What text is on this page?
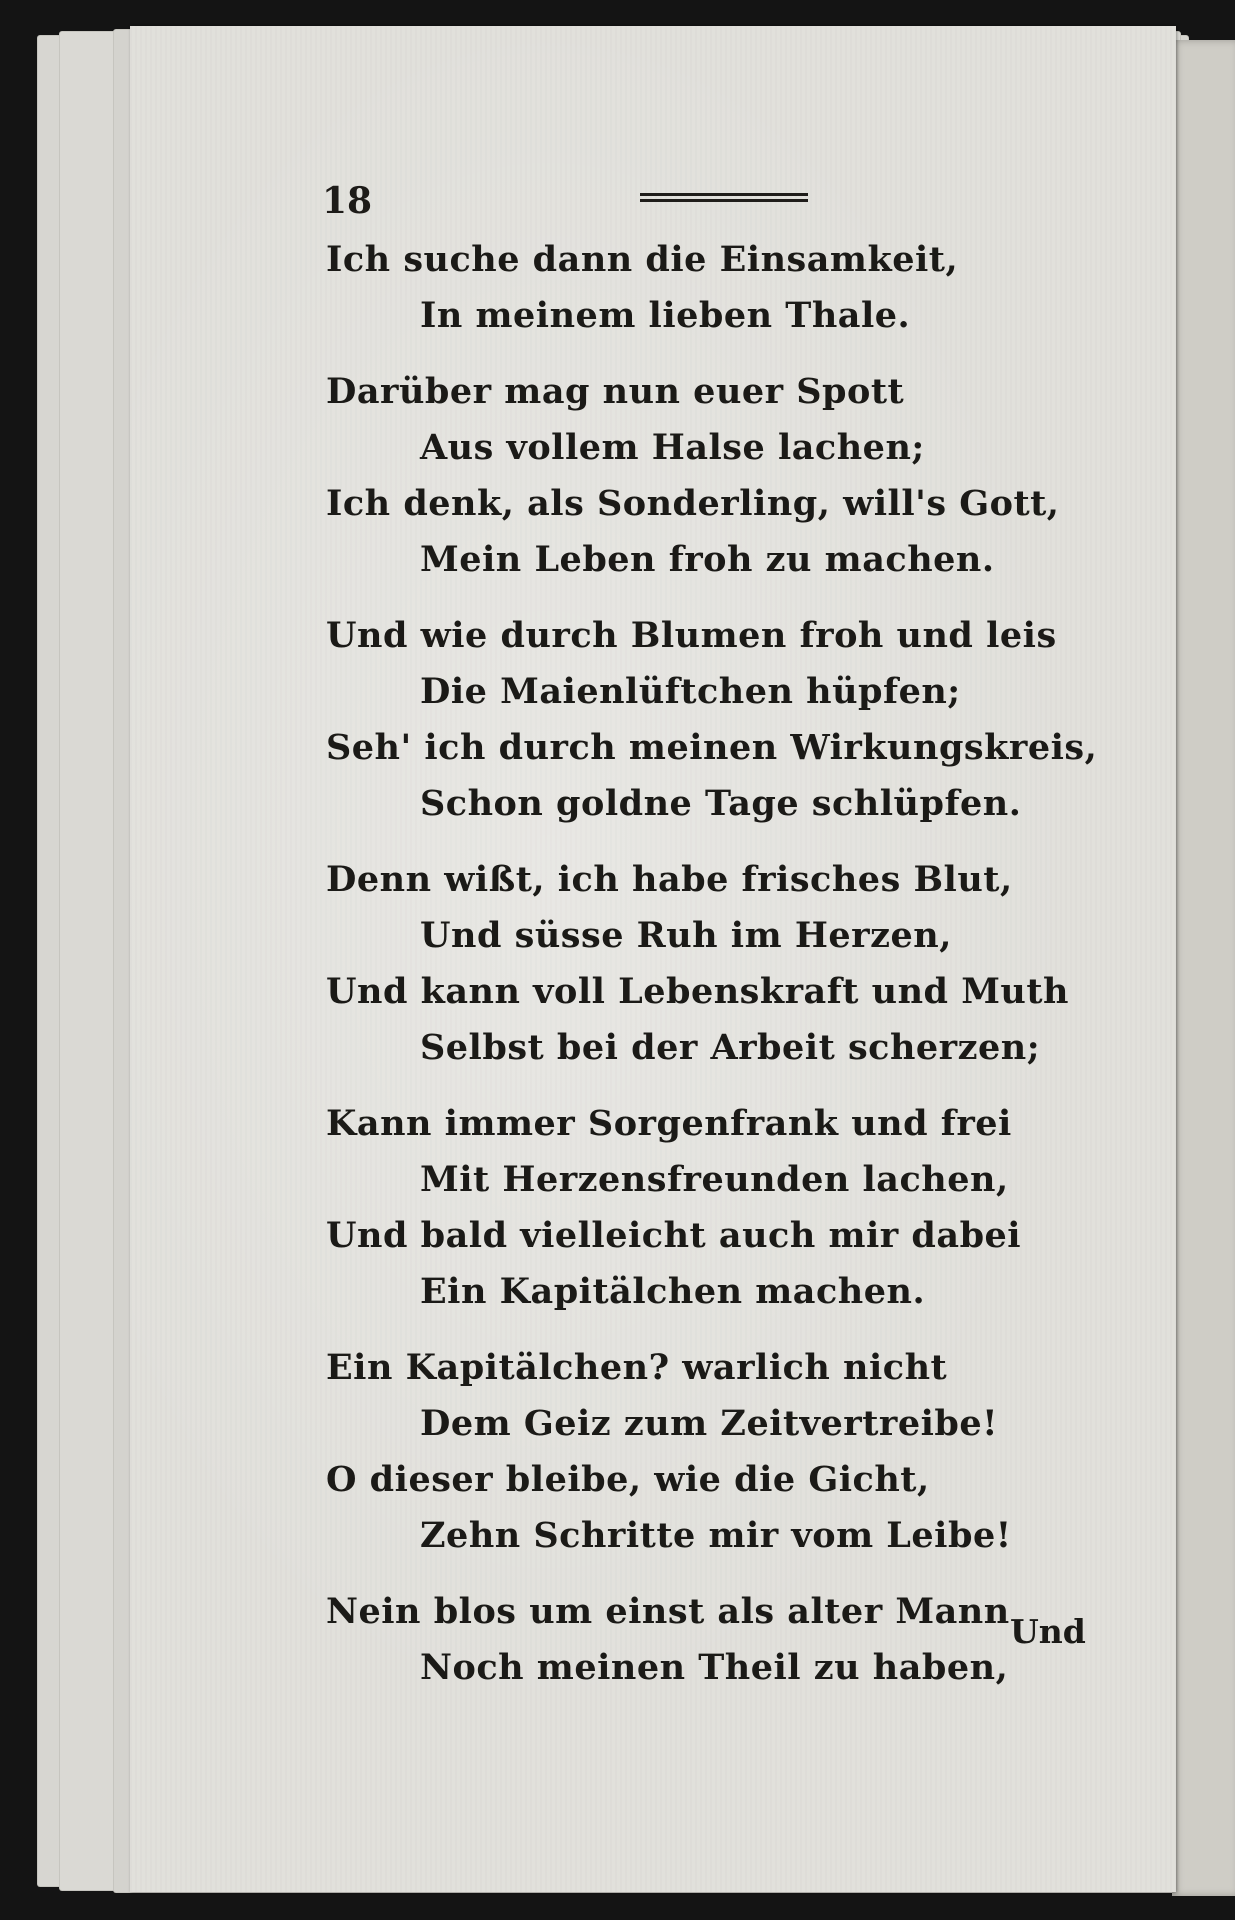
18
Ich suche dann die Einsamkeit,
In meinem lieben Thale.
Darüber mag nun euer Spott
Aus vollem Halse lachen;
Ich denk, als Sonderling, will's Gott,
Mein Leben froh zu machen.
Und wie durch Blumen froh und leis
Die Maienlüftchen hüpfen;
Seh' ich durch meinen Wirkungskreis,
Schon goldne Tage schlüpfen.
Denn wißt, ich habe frisches Blut,
Und süsse Ruh im Herzen,
Und kann voll Lebenskraft und Muth
Selbst bei der Arbeit scherzen;
Kann immer Sorgenfrank und frei
Mit Herzensfreunden lachen,
Und bald vielleicht auch mir dabei
Ein Kapitälchen machen.
Ein Kapitälchen? warlich nicht
Dem Geiz zum Zeitvertreibe!
O dieser bleibe, wie die Gicht,
Zehn Schritte mir vom Leibe!
Nein blos um einst als alter Mann
Noch meinen Theil zu haben,
Und
